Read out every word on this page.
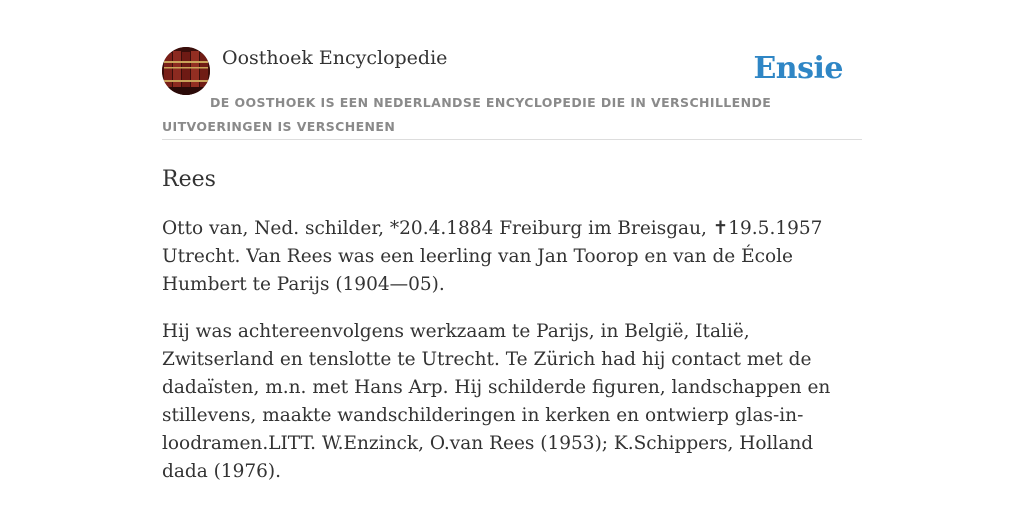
Oosthoek Encyclopedie	Ensie
DE OOSTHOEK IS EEN NEDERLANDSE ENCYCLOPEDIE DIE IN VERSCHILLENDE UITVOERINGEN IS VERSCHENEN
Rees

Otto van, Ned. schilder, *20.4.1884 Freiburg im Breisgau, ✝19.5.1957 Utrecht. Van Rees was een leerling van Jan Toorop en van de École Humbert te Parijs (1904—05).

Hij was achtereenvolgens werkzaam te Parijs, in België, Italië, Zwitserland en tenslotte te Utrecht. Te Zürich had hij contact met de dadaïsten, m.n. met Hans Arp. Hij schilderde figuren, landschappen en stillevens, maakte wandschilderingen in kerken en ontwierp glas-in-loodramen.LITT. W.Enzinck, O.van Rees (1953); K.Schippers, Holland dada (1976).
